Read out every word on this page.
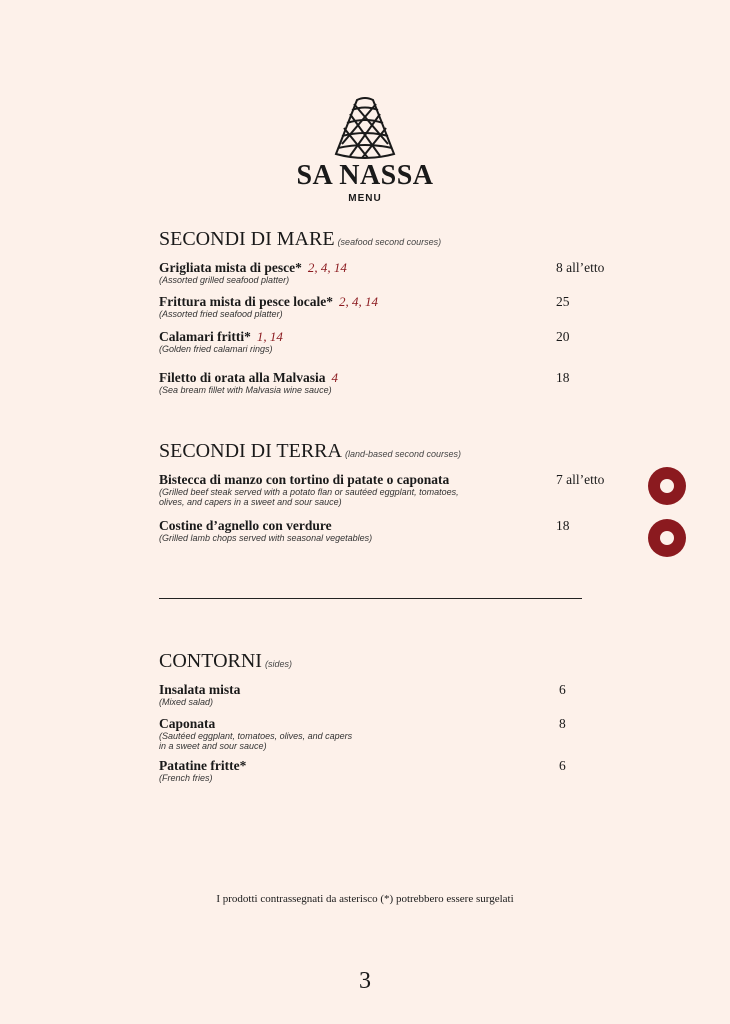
SA NASSA
MENU
SECONDI DI MARE (seafood second courses)
Grigliata mista di pesce* 2, 4, 14
(Assorted grilled seafood platter)
8 all’etto
Frittura mista di pesce locale* 2, 4, 14
(Assorted fried seafood platter)
25
Calamari fritti* 1, 14
(Golden fried calamari rings)
20
Filetto di orata alla Malvasia 4
(Sea bream fillet with Malvasia wine sauce)
18
SECONDI DI TERRA (land-based second courses)
Bistecca di manzo con tortino di patate o caponata
(Grilled beef steak served with a potato flan or sautéed eggplant, tomatoes,
olives, and capers in a sweet and sour sauce)
7 all’etto
Costine d’agnello con verdure
(Grilled lamb chops served with seasonal vegetables)
18
CONTORNI (sides)
Insalata mista
(Mixed salad)
6
Caponata
(Sautéed eggplant, tomatoes, olives, and capers
in a sweet and sour sauce)
8
Patatine fritte*
(French fries)
6
I prodotti contrassegnati da asterisco (*) potrebbero essere surgelati
3
